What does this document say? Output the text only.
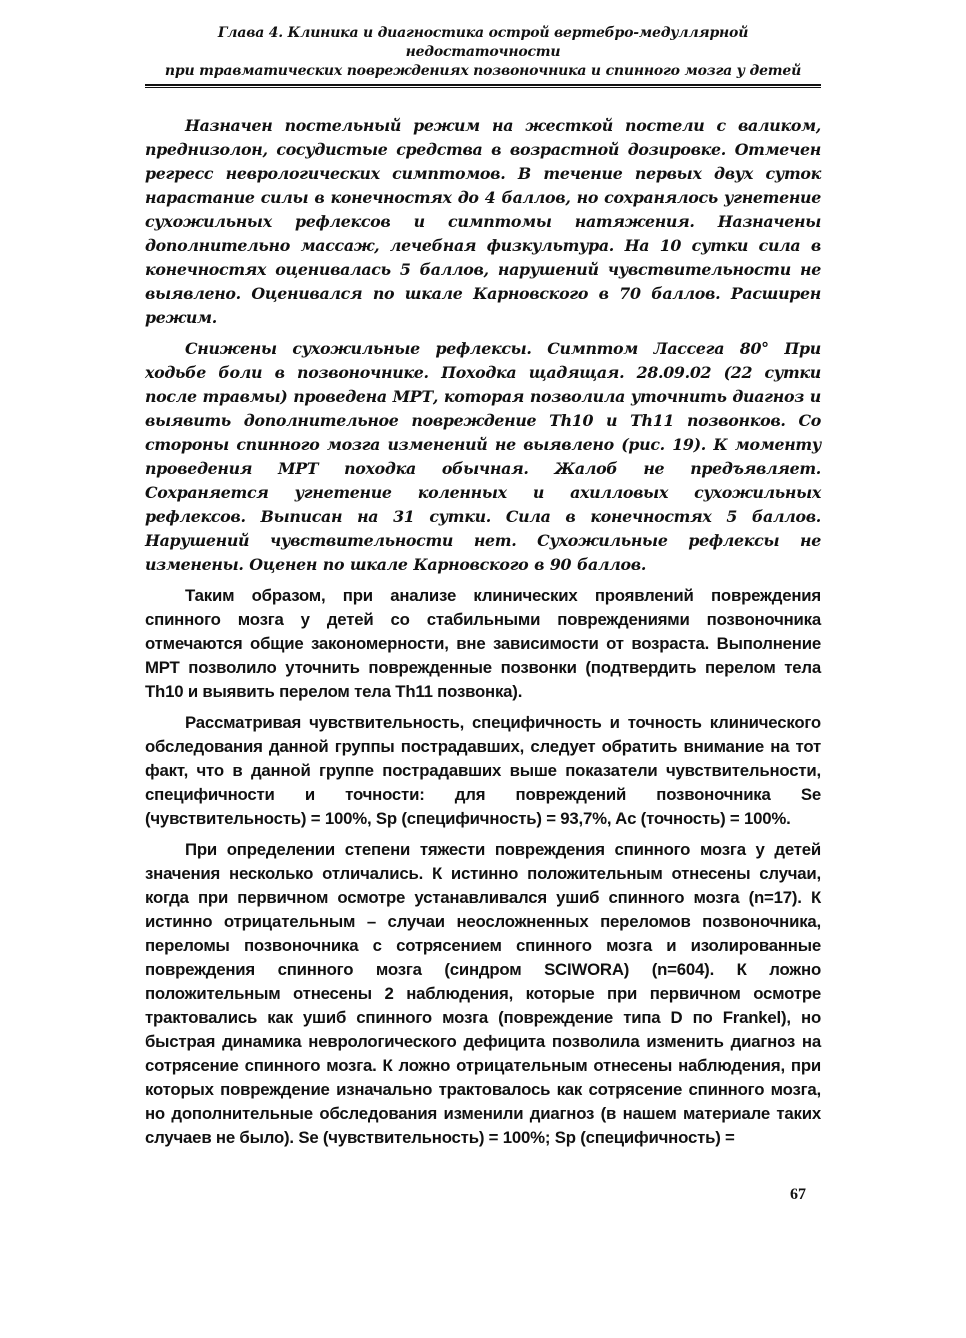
Глава 4. Клиника и диагностика острой вертебро-медуллярной недостаточности
при травматических повреждениях позвоночника и спинного мозга у детей

Назначен постельный режим на жесткой постели с валиком, преднизолон, сосудистые средства в возрастной дозировке. Отмечен регресс неврологических симптомов. В течение первых двух суток нарастание силы в конечностях до 4 баллов, но сохранялось угнетение сухожильных рефлексов и симптомы натяжения. Назначены дополнительно массаж, лечебная физкультура. На 10 сутки сила в конечностях оценивалась 5 баллов, нарушений чувствительности не выявлено. Оценивался по шкале Карновского в 70 баллов. Расширен режим.

Снижены сухожильные рефлексы. Симптом Лассега 80° При ходьбе боли в позвоночнике. Походка щадящая. 28.09.02 (22 сутки после травмы) проведена МРТ, которая позволила уточнить диагноз и выявить дополнительное повреждение Th10 и Th11 позвонков. Со стороны спинного мозга изменений не выявлено (рис. 19). К моменту проведения МРТ походка обычная. Жалоб не предъявляет. Сохраняется угнетение коленных и ахилловых сухожильных рефлексов. Выписан на 31 сутки. Сила в конечностях 5 баллов. Нарушений чувствительности нет. Сухожильные рефлексы не изменены. Оценен по шкале Карновского в 90 баллов.

Таким образом, при анализе клинических проявлений повреждения спинного мозга у детей со стабильными повреждениями позвоночника отмечаются общие закономерности, вне зависимости от возраста. Выполнение МРТ позволило уточнить поврежденные позвонки (подтвердить перелом тела Th10 и выявить перелом тела Th11 позвонка).

Рассматривая чувствительность, специфичность и точность клинического обследования данной группы пострадавших, следует обратить внимание на тот факт, что в данной группе пострадавших выше показатели чувствительности, специфичности и точности: для повреждений позвоночника Se (чувствительность) = 100%, Sp (специфичность) = 93,7%, Ac (точность) = 100%.

При определении степени тяжести повреждения спинного мозга у детей значения несколько отличались. К истинно положительным отнесены случаи, когда при первичном осмотре устанавливался ушиб спинного мозга (n=17). К истинно отрицательным – случаи неосложненных переломов позвоночника, переломы позвоночника с сотрясением спинного мозга и изолированные повреждения спинного мозга (синдром SCIWORA) (n=604). К ложно положительным отнесены 2 наблюдения, которые при первичном осмотре трактовались как ушиб спинного мозга (повреждение типа D по Frankel), но быстрая динамика неврологического дефицита позволила изменить диагноз на сотрясение спинного мозга. К ложно отрицательным отнесены наблюдения, при которых повреждение изначально трактовалось как сотрясение спинного мозга, но дополнительные обследования изменили диагноз (в нашем материале таких случаев не было). Se (чувствительность) = 100%; Sp (специфичность) =

67
